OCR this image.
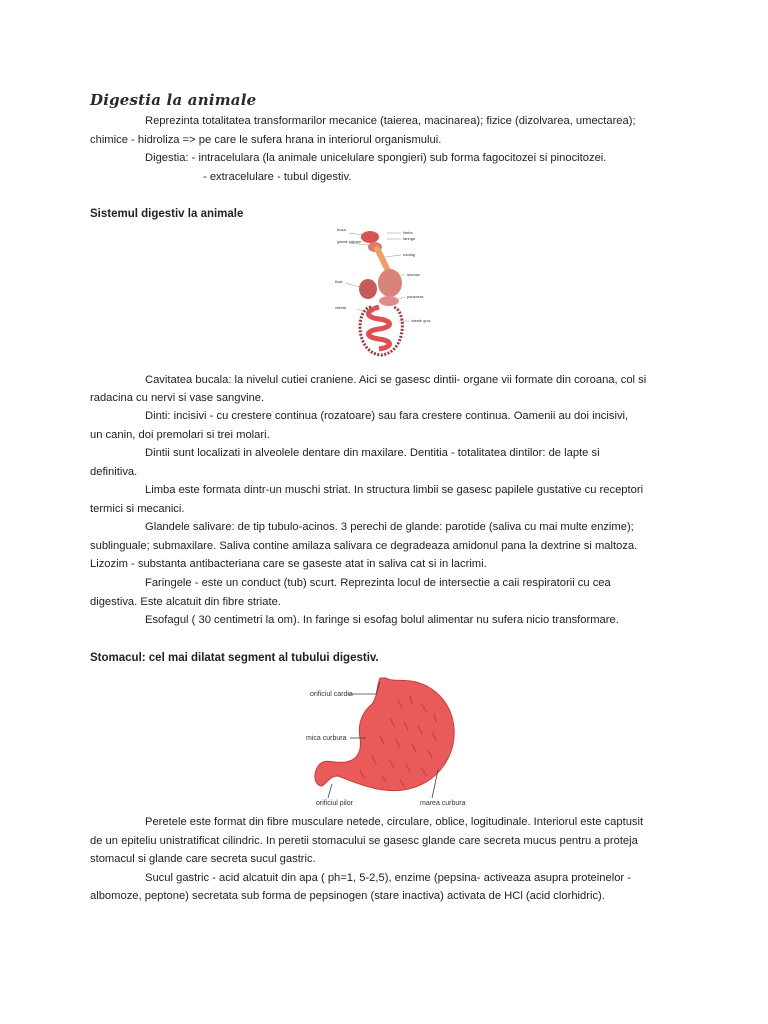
Digestia la animale
Reprezinta totalitatea transformarilor mecanice (taierea, macinarea); fizice (dizolvarea, umectarea);
chimice - hidroliza => pe care le sufera hrana in interiorul organismului.
Digestia: - intracelulara (la animale unicelulare spongieri) sub forma fagocitozei si pinocitozei.
- extracelulare - tubul digestiv.
Sistemul digestiv la animale
buza
limba
faringe
glande salivare
esofag
stomac
ficat
pancreas
intestin
intestin gros
Cavitatea bucala: la nivelul cutiei craniene. Aici se gasesc dintii- organe vii formate din coroana, col si
radacina cu nervi si vase sangvine.
Dinti: incisivi - cu crestere continua (rozatoare) sau fara crestere continua. Oamenii au doi incisivi,
un canin, doi premolari si trei molari.
Dintii sunt localizati in alveolele dentare din maxilare. Dentitia - totalitatea dintilor: de lapte si
definitiva.
Limba este formata dintr-un muschi striat. In structura limbii se gasesc papilele gustative cu receptori
termici si mecanici.
Glandele salivare: de tip tubulo-acinos. 3 perechi de glande: parotide (saliva cu mai multe enzime);
sublinguale; submaxilare. Saliva contine amilaza salivara ce degradeaza amidonul pana la dextrine si maltoza.
Lizozim - substanta antibacteriana care se gaseste atat in saliva cat si in lacrimi.
Faringele - este un conduct (tub) scurt. Reprezinta locul de intersectie a caii respiratorii cu cea
digestiva. Este alcatuit din fibre striate.
Esofagul ( 30 centimetri la om). In faringe si esofag bolul alimentar nu sufera nicio transformare.
Stomacul: cel mai dilatat segment al tubului digestiv.
orificiul cardia
mica curbura
orificiul pilor	marea curbura
Peretele este format din fibre musculare netede, circulare, oblice, logitudinale. Interiorul este captusit
de un epiteliu unistratificat cilindric. In peretii stomacului se gasesc glande care secreta mucus pentru a proteja
stomacul si glande care secreta sucul gastric.
Sucul gastric - acid alcatuit din apa ( ph=1, 5-2,5), enzime (pepsina- activeaza asupra proteinelor -
albomoze, peptone) secretata sub forma de pepsinogen (stare inactiva) activata de HCl (acid clorhidric).
